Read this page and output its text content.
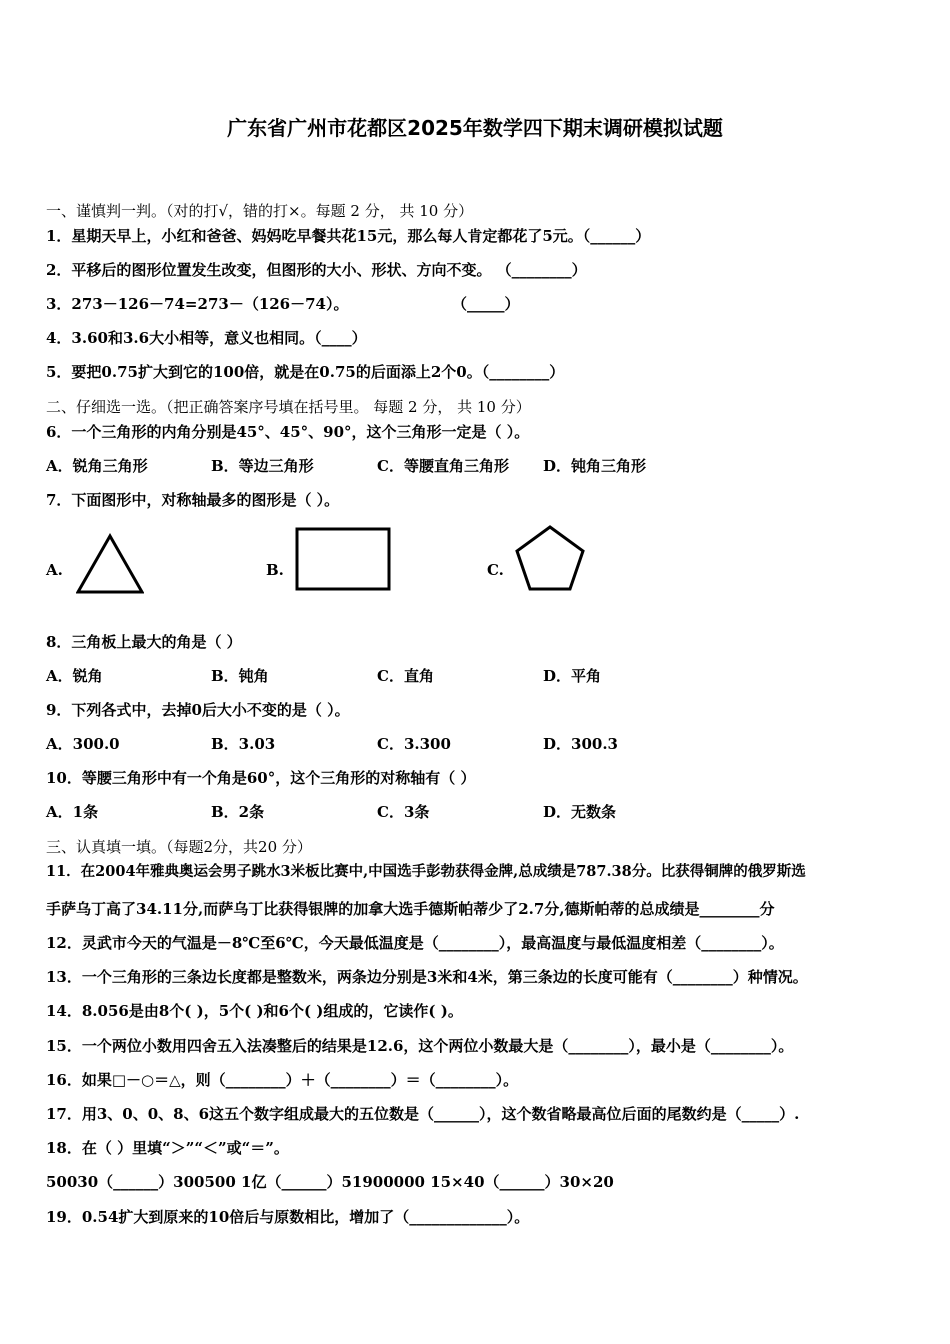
广东省广州市花都区2025年数学四下期末调研模拟试题
一、谨慎判一判。（对的打√，错的打×。每题 2 分， 共 10 分）
1．星期天早上，小红和爸爸、妈妈吃早餐共花15元，那么每人肯定都花了5元。（______）
2．平移后的图形位置发生改变，但图形的大小、形状、方向不变。 （________）
3．273－126－74=273－（126－74）。	（_____）
4．3.60和3.6大小相等，意义也相同。（____）
5．要把0.75扩大到它的100倍，就是在0.75的后面添上2个0。（________）
二、仔细选一选。（把正确答案序号填在括号里。 每题 2 分， 共 10 分）
6．一个三角形的内角分别是45°、45°、90°，这个三角形一定是（ ）。
A．锐角三角形	B．等边三角形	C．等腰直角三角形 D．钝角三角形
7．下面图形中，对称轴最多的图形是（ ）。
A.	B.	C.
8．三角板上最大的角是（ ）
A．锐角	B．钝角	C．直角	D．平角
9．下列各式中，去掉0后大小不变的是（ ）。
A．300.0	B．3.03	C．3.300	D．300.3
10．等腰三角形中有一个角是60°，这个三角形的对称轴有（ ）
A．1条	B．2条	C．3条	D．无数条
三、认真填一填。（每题2分，共20 分）
11．在2004年雅典奥运会男子跳水3米板比赛中,中国选手彭勃获得金牌,总成绩是787.38分。比获得铜牌的俄罗斯选
手萨乌丁高了34.11分,而萨乌丁比获得银牌的加拿大选手德斯帕蒂少了2.7分,德斯帕蒂的总成绩是________分
12．灵武市今天的气温是－8℃至6℃，今天最低温度是（________），最高温度与最低温度相差（________）。
13．一个三角形的三条边长度都是整数米，两条边分别是3米和4米，第三条边的长度可能有（________）种情况。
14．8.056是由8个( )，5个( )和6个( )组成的，它读作( )。
15．一个两位小数用四舍五入法凑整后的结果是12.6，这个两位小数最大是（________），最小是（________）。
16．如果□－○＝△，则（________）＋（________）＝（________）。
17．用3、0、0、8、6这五个数字组成最大的五位数是（______），这个数省略最高位后面的尾数约是（_____）.
18．在（ ）里填“＞”“＜”或“＝”。
50030（______）300500 1亿（______）51900000 15×40（______）30×20
19．0.54扩大到原来的10倍后与原数相比，增加了（_____________）。
